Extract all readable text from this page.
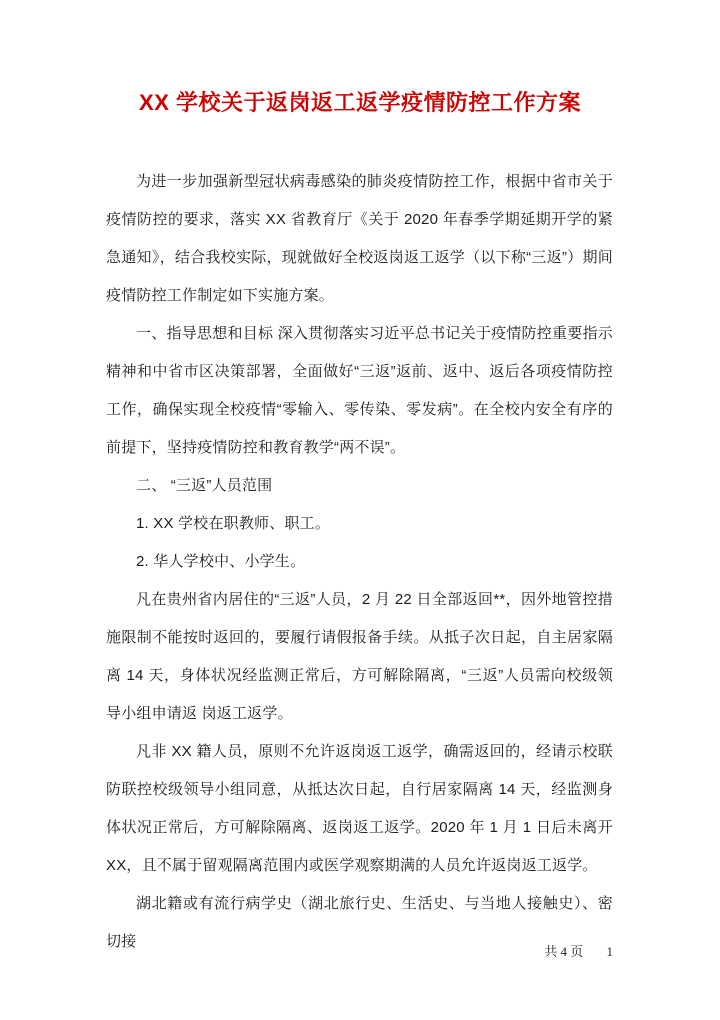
XX 学校关于返岗返工返学疫情防控工作方案

为进一步加强新型冠状病毒感染的肺炎疫情防控工作，根据中省市关于疫情防控的要求，落实 XX 省教育厅《关于 2020 年春季学期延期开学的紧急通知》，结合我校实际，现就做好全校返岗返工返学（以下称“三返”）期间疫情防控工作制定如下实施方案。

一、指导思想和目标 深入贯彻落实习近平总书记关于疫情防控重要指示精神和中省市区决策部署，全面做好“三返”返前、返中、返后各项疫情防控工作，确保实现全校疫情“零输入、零传染、零发病”。在全校内安全有序的前提下，坚持疫情防控和教育教学“两不误”。

二、 “三返”人员范围

1. XX 学校在职教师、职工。

2. 华人学校中、小学生。

凡在贵州省内居住的“三返”人员，2 月 22 日全部返回**，因外地管控措施限制不能按时返回的，要履行请假报备手续。从抵子次日起，自主居家隔离 14 天，身体状况经监测正常后，方可解除隔离，“三返”人员需向校级领导小组申请返 岗返工返学。

凡非 XX 籍人员，原则不允许返岗返工返学，确需返回的，经请示校联防联控校级领导小组同意，从抵达次日起，自行居家隔离 14 天，经监测身体状况正常后，方可解除隔离、返岗返工返学。2020 年 1 月 1 日后未离开 XX，且不属于留观隔离范围内或医学观察期满的人员允许返岗返工返学。

湖北籍或有流行病学史（湖北旅行史、生活史、与当地人接触史）、密切接

共 4 页 1
